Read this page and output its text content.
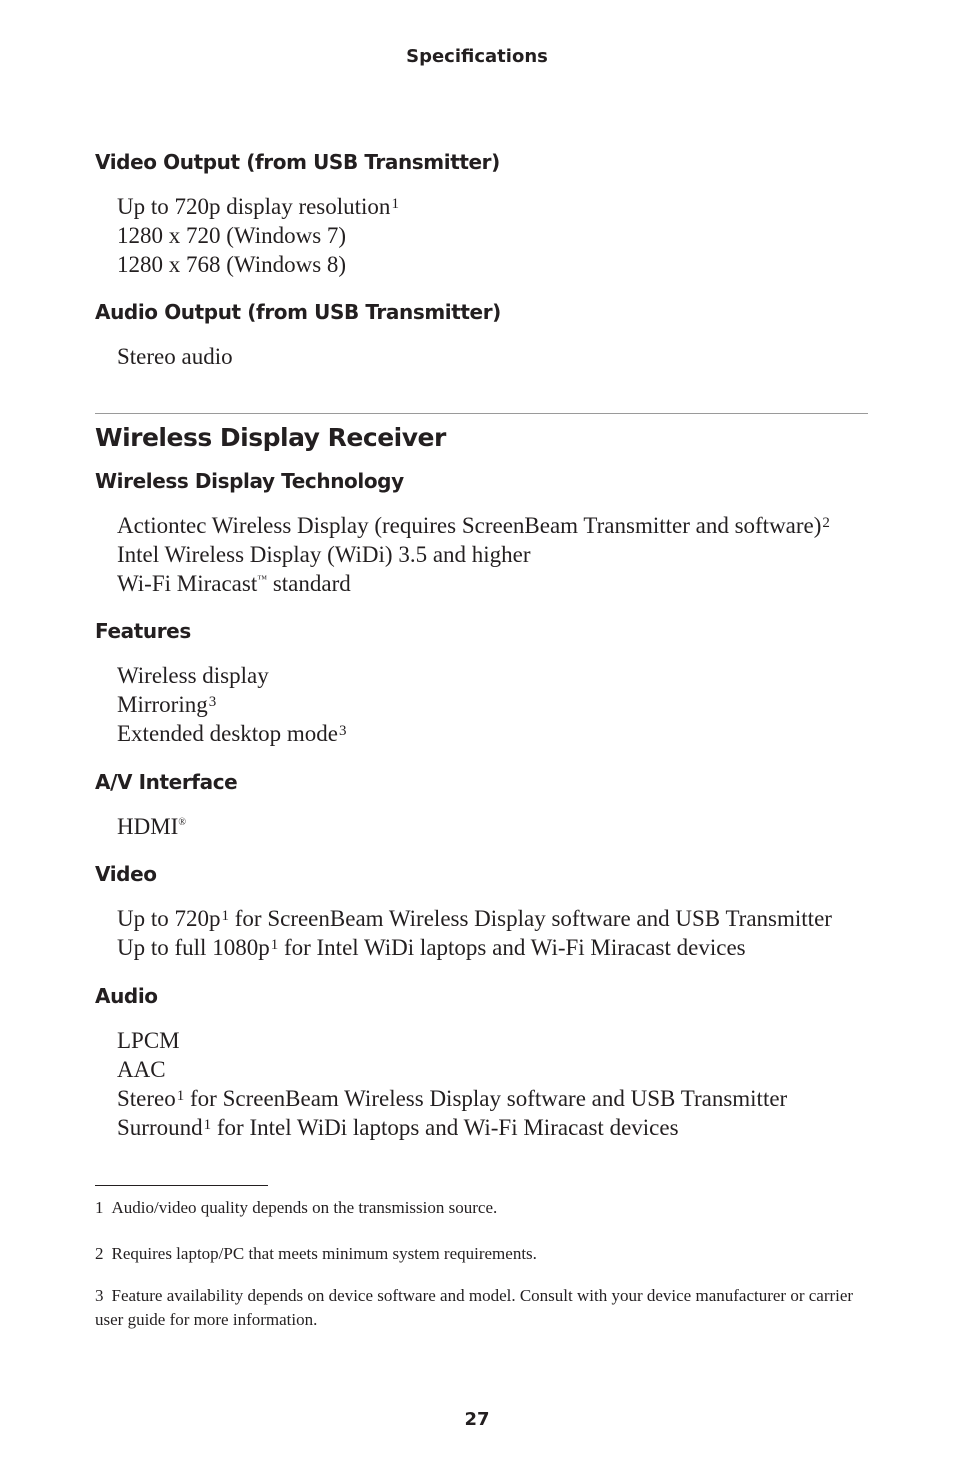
Specifications
Video Output (from USB Transmitter)
Up to 720p display resolution$^1$
1280 x 720 (Windows 7)
1280 x 768 (Windows 8)
Audio Output (from USB Transmitter)
Stereo audio
Wireless Display Receiver
Wireless Display Technology
Actiontec Wireless Display (requires ScreenBeam Transmitter and software)$^2$
Intel Wireless Display (WiDi) 3.5 and higher
Wi-Fi Miracast™ standard
Features
Wireless display
Mirroring$^3$
Extended desktop mode$^3$
A/V Interface
HDMI®
Video
Up to 720p$^1$ for ScreenBeam Wireless Display software and USB Transmitter
Up to full 1080p$^1$ for Intel WiDi laptops and Wi-Fi Miracast devices
Audio
LPCM
AAC
Stereo$^1$ for ScreenBeam Wireless Display software and USB Transmitter
Surround$^1$ for Intel WiDi laptops and Wi-Fi Miracast devices
1 Audio/video quality depends on the transmission source.
2 Requires laptop/PC that meets minimum system requirements.
3 Feature availability depends on device software and model. Consult with your device manufacturer or carrier user guide for more information.
27
